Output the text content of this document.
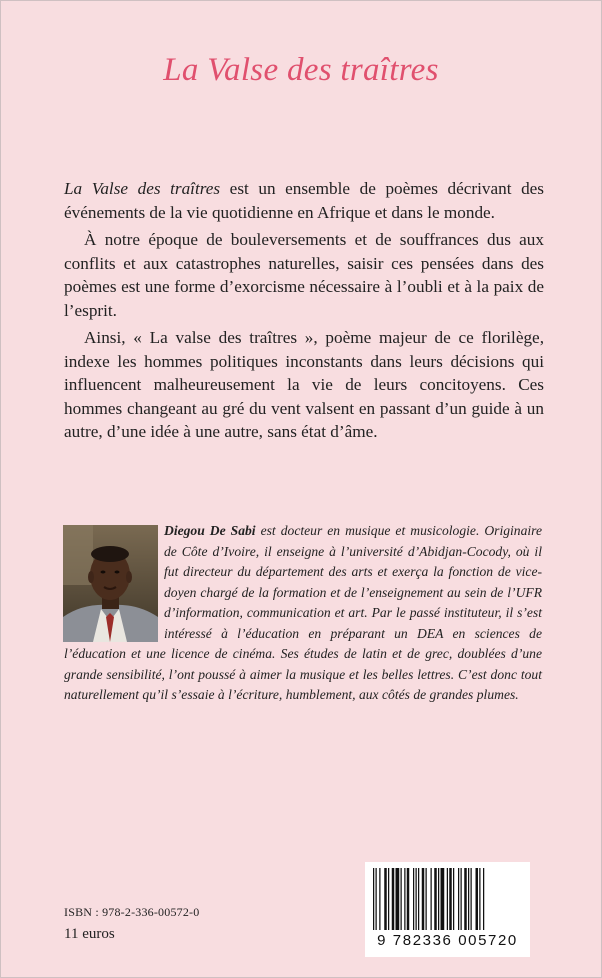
La Valse des traîtres

La Valse des traîtres est un ensemble de poèmes décrivant des événements de la vie quotidienne en Afrique et dans le monde.

À notre époque de bouleversements et de souffrances dus aux conflits et aux catastrophes naturelles, saisir ces pensées dans des poèmes est une forme d’exorcisme nécessaire à l’oubli et à la paix de l’esprit.

Ainsi, « La valse des traîtres », poème majeur de ce florilège, indexe les hommes politiques inconstants dans leurs décisions qui influencent malheureusement la vie de leurs concitoyens. Ces hommes changeant au gré du vent valsent en passant d’un guide à un autre, d’une idée à une autre, sans état d’âme.

Diegou De Sabi est docteur en musique et musicologie. Originaire de Côte d’Ivoire, il enseigne à l’université d’Abidjan-Cocody, où il fut directeur du département des arts et exerça la fonction de vice-doyen chargé de la formation et de l’enseignement au sein de l’UFR d’information, communication et art. Par le passé instituteur, il s’est intéressé à l’éducation en préparant un DEA en sciences de l’éducation et une licence de cinéma. Ses études de latin et de grec, doublées d’une grande sensibilité, l’ont poussé à aimer la musique et les belles lettres. C’est donc tout naturellement qu’il s’essaie à l’écriture, humblement, aux côtés de grandes plumes.
ISBN : 978-2-336-00572-0
11 euros	9 782336 005720
